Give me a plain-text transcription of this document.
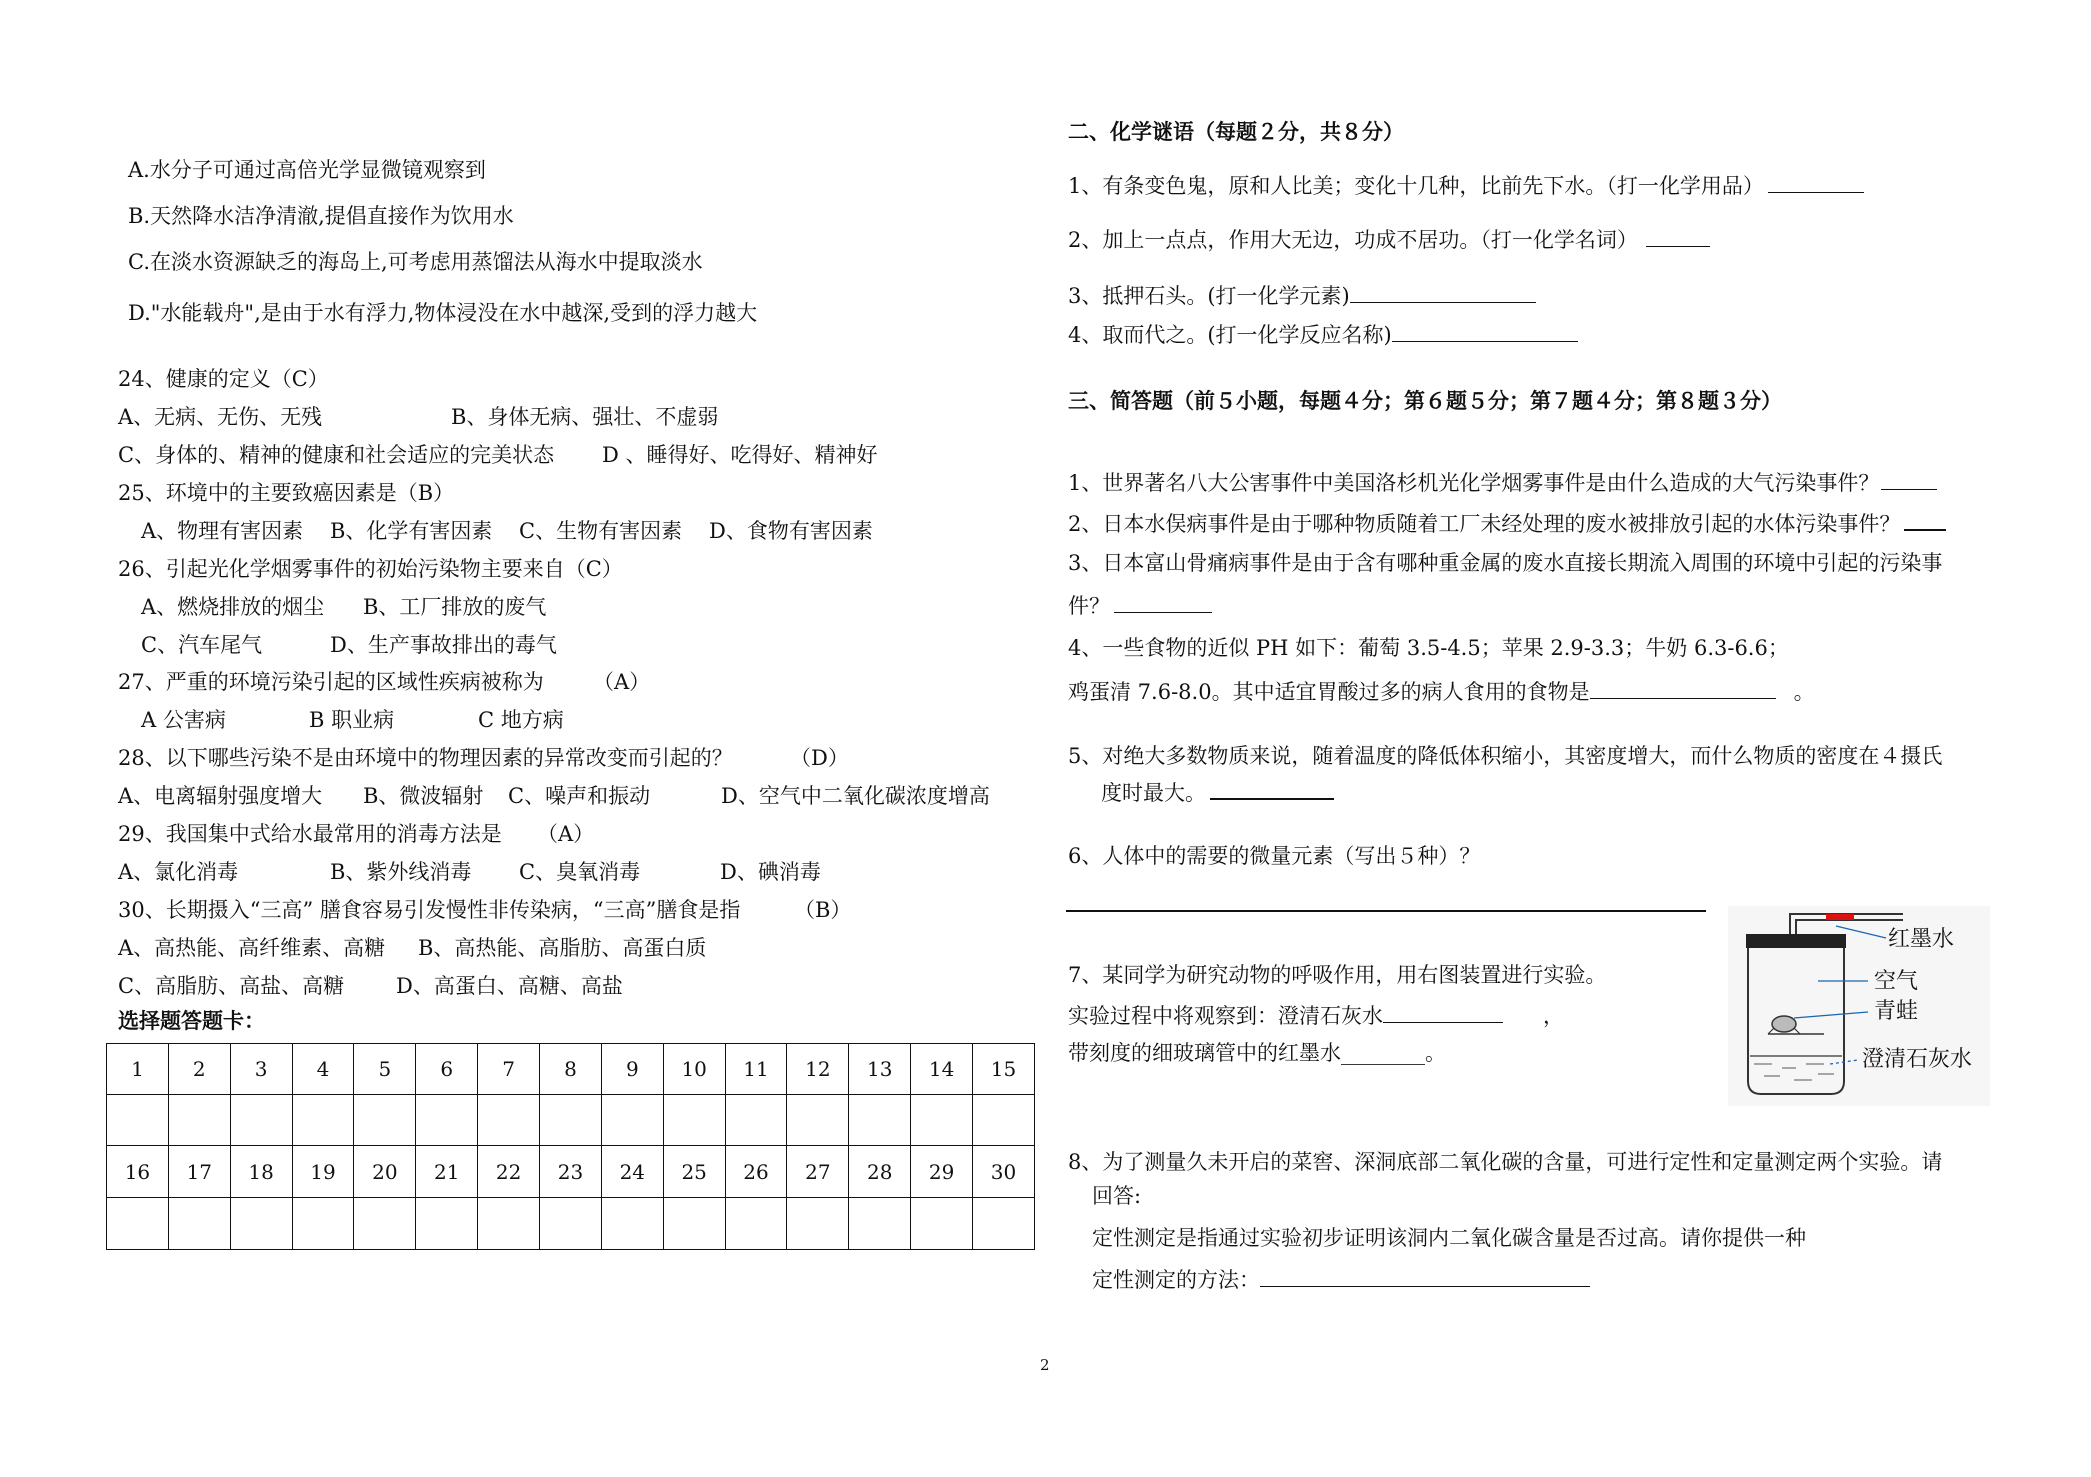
A.水分子可通过高倍光学显微镜观察到
B.天然降水洁净清澈,提倡直接作为饮用水
C.在淡水资源缺乏的海岛上,可考虑用蒸馏法从海水中提取淡水
D."水能载舟",是由于水有浮力,物体浸没在水中越深,受到的浮力越大
24、健康的定义（C）
A、无病、无伤、无残	B、身体无病、强壮、不虚弱
C、身体的、精神的健康和社会适应的完美状态 D 、睡得好、吃得好、精神好
25、环境中的主要致癌因素是（B）
A、物理有害因素 B、化学有害因素 C、生物有害因素 D、食物有害因素
26、引起光化学烟雾事件的初始污染物主要来自（C）
A、燃烧排放的烟尘 B、工厂排放的废气
C、汽车尾气	D、生产事故排出的毒气
27、严重的环境污染引起的区域性疾病被称为 （A）
A 公害病	B 职业病	C 地方病
28、以下哪些污染不是由环境中的物理因素的异常改变而引起的？	（D）
A、电离辐射强度增大 B、微波辐射 C、噪声和振动	D、空气中二氧化碳浓度增高
29、我国集中式给水最常用的消毒方法是 （A）
A、氯化消毒	B、紫外线消毒 C、臭氧消毒	D、碘消毒
30、长期摄入“三高” 膳食容易引发慢性非传染病，“三高”膳食是指	（B）
A、高热能、高纤维素、高糖 B、高热能、高脂肪、高蛋白质
C、高脂肪、高盐、高糖 D、高蛋白、高糖、高盐
选择题答题卡：
1	2	3	4	5	6	7	8	9	10	11	12	13	14	15

16	17	18	19	20	21	22	23	24	25	26	27	28	29	30

二、化学谜语（每题２分，共８分）
1、有条变色鬼，原和人比美；变化十几种，比前先下水。（打一化学用品）
2、加上一点点，作用大无边，功成不居功。（打一化学名词）
3、抵押石头。(打一化学元素)
4、取而代之。(打一化学反应名称)
三、简答题（前５小题，每题４分；第６题５分；第７题４分；第８题３分）
1、世界著名八大公害事件中美国洛杉机光化学烟雾事件是由什么造成的大气污染事件？
2、日本水俣病事件是由于哪种物质随着工厂未经处理的废水被排放引起的水体污染事件？
3、日本富山骨痛病事件是由于含有哪种重金属的废水直接长期流入周围的环境中引起的污染事
件？
4、一些食物的近似 PH 如下：葡萄 3.5-4.5；苹果 2.9-3.3；牛奶 6.3-6.6；
鸡蛋清 7.6-8.0。其中适宜胃酸过多的病人食用的食物是	。
5、对绝大多数物质来说，随着温度的降低体积缩小，其密度增大，而什么物质的密度在４摄氏
度时最大。
6、人体中的需要的微量元素（写出５种）？
7、某同学为研究动物的呼吸作用，用右图装置进行实验。
实验过程中将观察到：澄清石灰水	，
带刻度的细玻璃管中的红墨水________。
红墨水
空气
青蛙
澄清石灰水
8、为了测量久未开启的菜窖、深洞底部二氧化碳的含量，可进行定性和定量测定两个实验。请
回答:
定性测定是指通过实验初步证明该洞内二氧化碳含量是否过高。请你提供一种
定性测定的方法：
2
